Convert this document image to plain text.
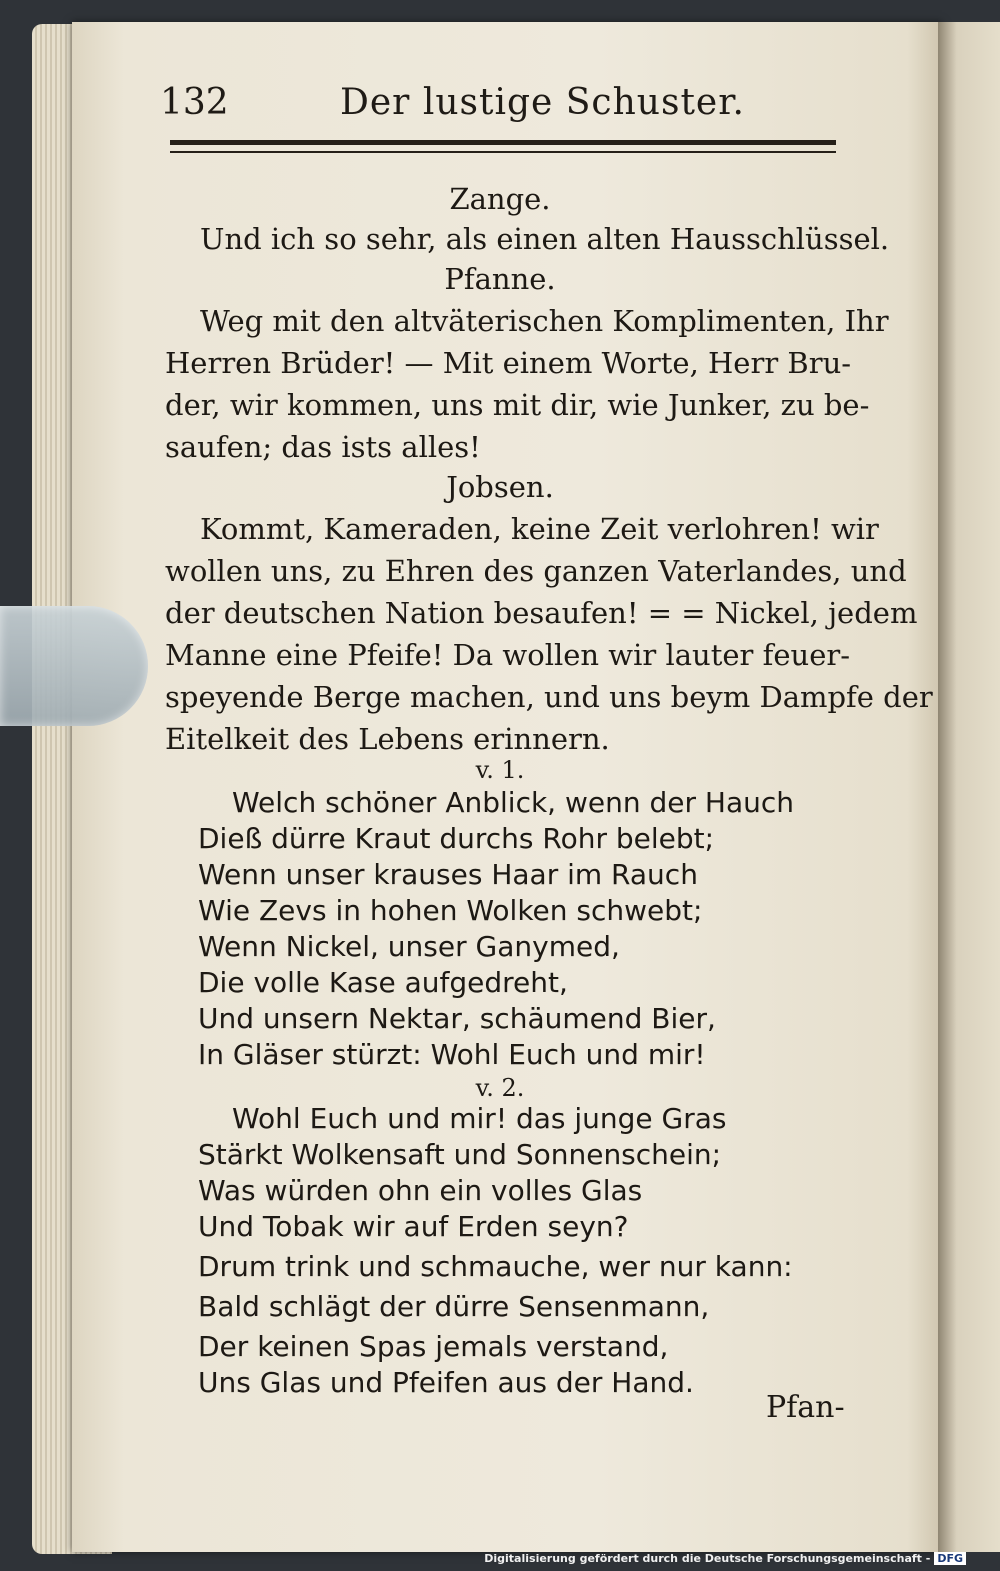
132	Der lustige Schuster.
Zange.
Und ich so sehr, als einen alten Hausschlüssel.
Pfanne.
Weg mit den altväterischen Komplimenten, Ihr
Herren Brüder! — Mit einem Worte, Herr Bru-
der, wir kommen, uns mit dir, wie Junker, zu be-
saufen; das ists alles!
Jobsen.
Kommt, Kameraden, keine Zeit verlohren! wir
wollen uns, zu Ehren des ganzen Vaterlandes, und
der deutschen Nation besaufen! = = Nickel, jedem
Manne eine Pfeife! Da wollen wir lauter feuer-
speyende Berge machen, und uns beym Dampfe der
Eitelkeit des Lebens erinnern.
v. 1.
Welch schöner Anblick, wenn der Hauch
Dieß dürre Kraut durchs Rohr belebt;
Wenn unser krauses Haar im Rauch
Wie Zevs in hohen Wolken schwebt;
Wenn Nickel, unser Ganymed,
Die volle Kase aufgedreht,
Und unsern Nektar, schäumend Bier,
In Gläser stürzt: Wohl Euch und mir!
v. 2.
Wohl Euch und mir! das junge Gras
Stärkt Wolkensaft und Sonnenschein;
Was würden ohn ein volles Glas
Und Tobak wir auf Erden seyn?
Drum trink und schmauche, wer nur kann:
Bald schlägt der dürre Sensenmann,
Der keinen Spas jemals verstand,
Uns Glas und Pfeifen aus der Hand.
Pfan-
Digitalisierung gefördert durch die Deutsche Forschungsgemeinschaft - DFG
